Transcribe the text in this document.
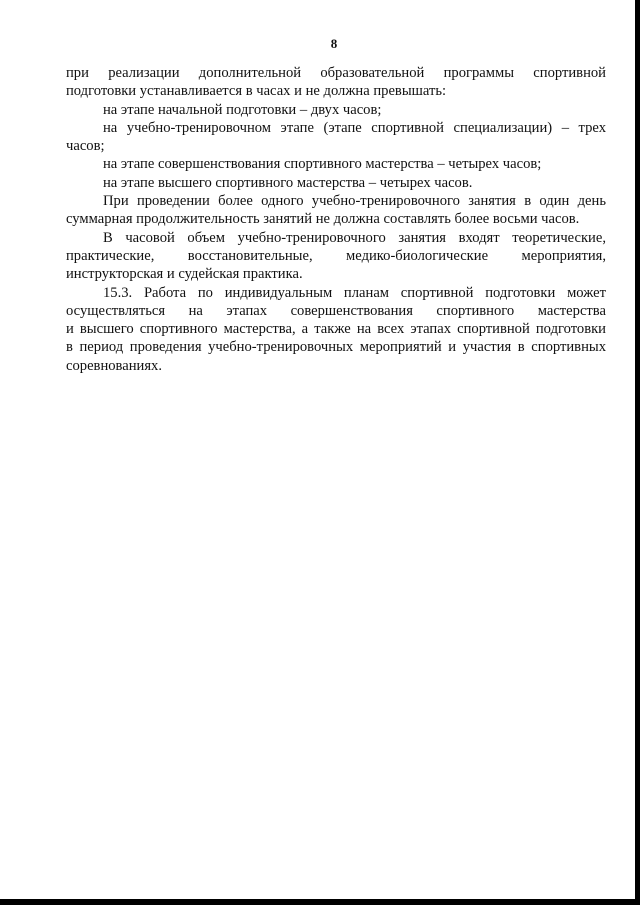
8

при реализации дополнительной образовательной программы спортивной

подготовки устанавливается в часах и не должна превышать:

на этапе начальной подготовки – двух часов;

на учебно-тренировочном этапе (этапе спортивной специализации) – трех

часов;

на этапе совершенствования спортивного мастерства – четырех часов;

на этапе высшего спортивного мастерства – четырех часов.

При проведении более одного учебно-тренировочного занятия в один день

суммарная продолжительность занятий не должна составлять более восьми часов.

В часовой объем учебно-тренировочного занятия входят теоретические,

практические, восстановительные, медико-биологические мероприятия,

инструкторская и судейская практика.

15.3. Работа по индивидуальным планам спортивной подготовки может

осуществляться на этапах совершенствования спортивного мастерства

и высшего спортивного мастерства, а также на всех этапах спортивной подготовки

в период проведения учебно-тренировочных мероприятий и участия в спортивных

соревнованиях.
